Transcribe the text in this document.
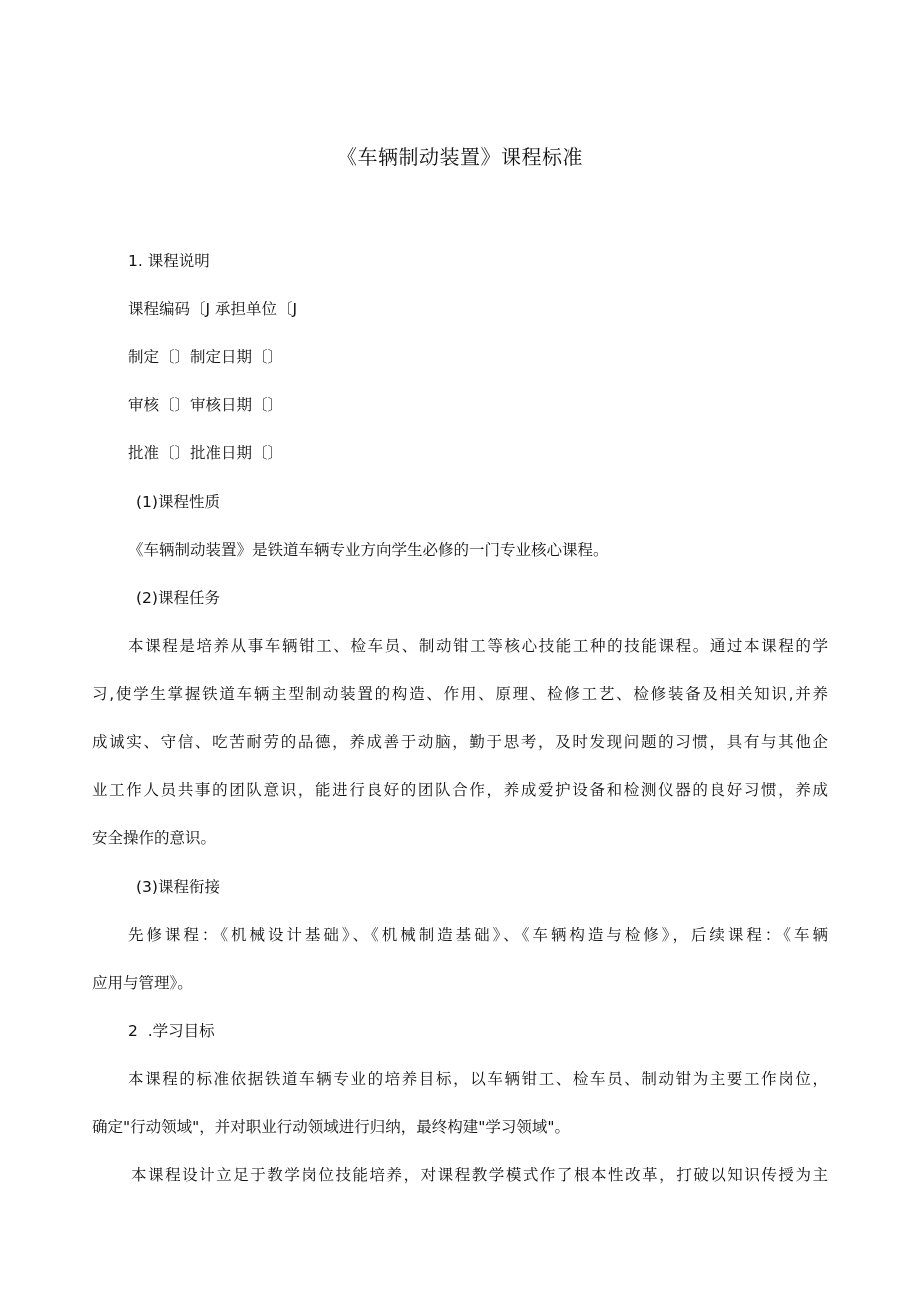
《车辆制动装置》课程标准
1. 课程说明
课程编码〔J 承担单位〔J
制定〔〕制定日期〔〕
审核〔〕审核日期〔〕
批准〔〕批准日期〔〕
(1)课程性质
《车辆制动装置》是铁道车辆专业方向学生必修的一门专业核心课程。
(2)课程任务
本课程是培养从事车辆钳工、检车员、制动钳工等核心技能工种的技能课程。通过本课程的学
习,使学生掌握铁道车辆主型制动装置的构造、作用、原理、检修工艺、检修装备及相关知识,并养
成诚实、守信、吃苦耐劳的品德，养成善于动脑，勤于思考，及时发现问题的习惯，具有与其他企
业工作人员共事的团队意识，能进行良好的团队合作，养成爱护设备和检测仪器的良好习惯，养成
安全操作的意识。
(3)课程衔接
先修课程：《机械设计基础》、《机械制造基础》、《车辆构造与检修》，后续课程：《车辆
应用与管理》。
2  .学习目标
本课程的标准依据铁道车辆专业的培养目标，以车辆钳工、检车员、制动钳为主要工作岗位，
确定"行动领域"，并对职业行动领域进行归纳，最终构建"学习领域"。
本课程设计立足于教学岗位技能培养，对课程教学模式作了根本性改革，打破以知识传授为主
